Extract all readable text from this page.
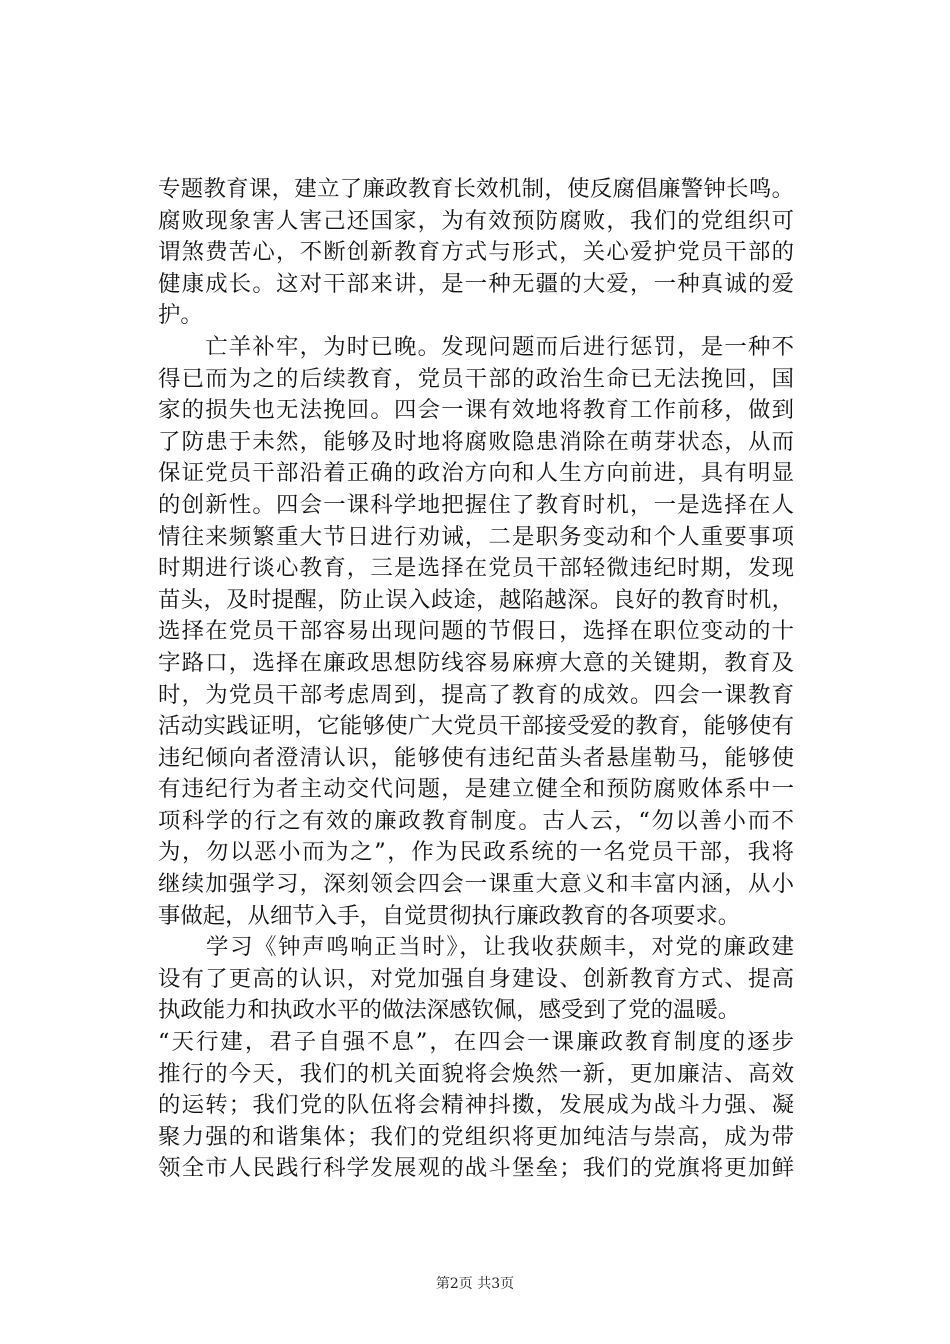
专题教育课，建立了廉政教育长效机制，使反腐倡廉警钟长鸣。
腐败现象害人害己还国家，为有效预防腐败，我们的党组织可
谓煞费苦心，不断创新教育方式与形式，关心爱护党员干部的
健康成长。这对干部来讲，是一种无疆的大爱，一种真诚的爱
护。
　　亡羊补牢，为时已晚。发现问题而后进行惩罚，是一种不
得已而为之的后续教育，党员干部的政治生命已无法挽回，国
家的损失也无法挽回。四会一课有效地将教育工作前移，做到
了防患于未然，能够及时地将腐败隐患消除在萌芽状态，从而
保证党员干部沿着正确的政治方向和人生方向前进，具有明显
的创新性。四会一课科学地把握住了教育时机，一是选择在人
情往来频繁重大节日进行劝诫，二是职务变动和个人重要事项
时期进行谈心教育，三是选择在党员干部轻微违纪时期，发现
苗头，及时提醒，防止误入歧途，越陷越深。良好的教育时机，
选择在党员干部容易出现问题的节假日，选择在职位变动的十
字路口，选择在廉政思想防线容易麻痹大意的关键期，教育及
时，为党员干部考虑周到，提高了教育的成效。四会一课教育
活动实践证明，它能够使广大党员干部接受爱的教育，能够使有
违纪倾向者澄清认识，能够使有违纪苗头者悬崖勒马，能够使
有违纪行为者主动交代问题，是建立健全和预防腐败体系中一
项科学的行之有效的廉政教育制度。古人云，“勿以善小而不
为，勿以恶小而为之”，作为民政系统的一名党员干部，我将
继续加强学习，深刻领会四会一课重大意义和丰富内涵，从小
事做起，从细节入手，自觉贯彻执行廉政教育的各项要求。
　　学习《钟声鸣响正当时》，让我收获颇丰，对党的廉政建
设有了更高的认识，对党加强自身建设、创新教育方式、提高
执政能力和执政水平的做法深感钦佩，感受到了党的温暖。
“天行建，君子自强不息”，在四会一课廉政教育制度的逐步
推行的今天，我们的机关面貌将会焕然一新，更加廉洁、高效
的运转；我们党的队伍将会精神抖擞，发展成为战斗力强、凝
聚力强的和谐集体；我们的党组织将更加纯洁与崇高，成为带
领全市人民践行科学发展观的战斗堡垒；我们的党旗将更加鲜
第2页 共3页
